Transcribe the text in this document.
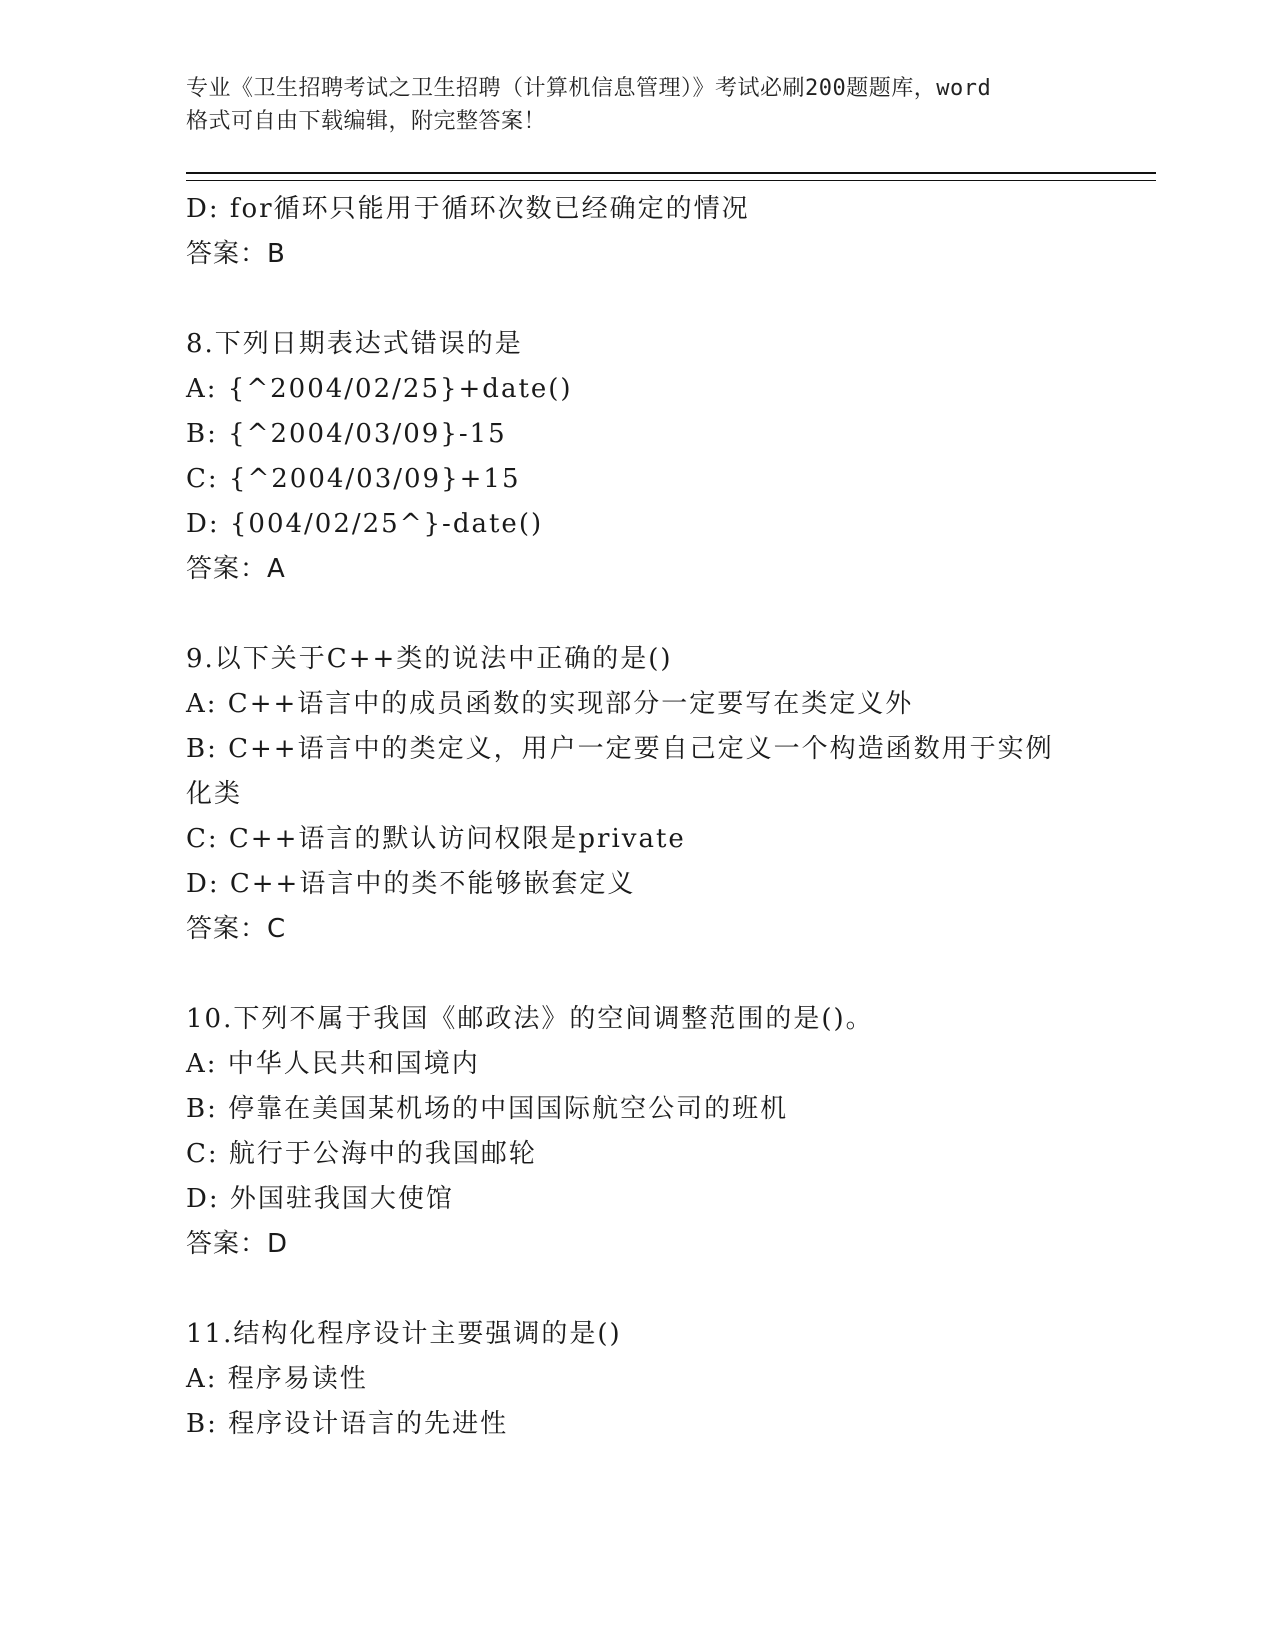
专业《卫生招聘考试之卫生招聘（计算机信息管理）》考试必刷200题题库，word
格式可自由下载编辑，附完整答案！
D: for循环只能用于循环次数已经确定的情况
答案：B
8.下列日期表达式错误的是
A: {^2004/02/25}+date()
B: {^2004/03/09}-15
C: {^2004/03/09}+15
D: {004/02/25^}-date()
答案：A
9.以下关于C++类的说法中正确的是()
A: C++语言中的成员函数的实现部分一定要写在类定义外
B: C++语言中的类定义，用户一定要自己定义一个构造函数用于实例
化类
C: C++语言的默认访问权限是private
D: C++语言中的类不能够嵌套定义
答案：C
10.下列不属于我国《邮政法》的空间调整范围的是()。
A: 中华人民共和国境内
B: 停靠在美国某机场的中国国际航空公司的班机
C: 航行于公海中的我国邮轮
D: 外国驻我国大使馆
答案：D
11.结构化程序设计主要强调的是()
A: 程序易读性
B: 程序设计语言的先进性
